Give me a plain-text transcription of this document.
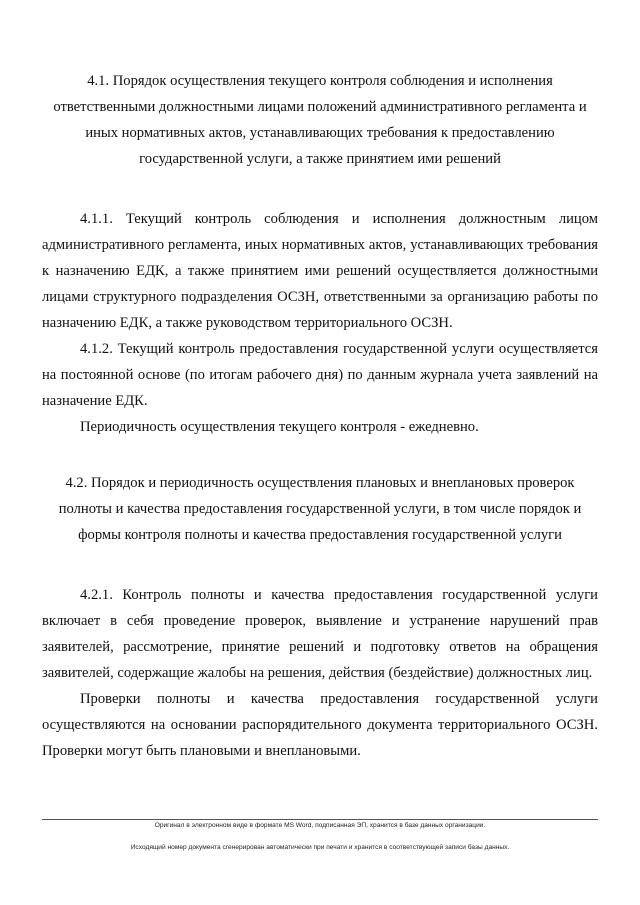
4.1. Порядок осуществления текущего контроля соблюдения и исполнения ответственными должностными лицами положений административного регламента и иных нормативных актов, устанавливающих требования к предоставлению государственной услуги, а также принятием ими решений

4.1.1. Текущий контроль соблюдения и исполнения должностным лицом административного регламента, иных нормативных актов, устанавливающих требования к назначению ЕДК, а также принятием ими решений осуществляется должностными лицами структурного подразделения ОСЗН, ответственными за организацию работы по назначению ЕДК, а также руководством территориального ОСЗН.

4.1.2. Текущий контроль предоставления государственной услуги осуществляется на постоянной основе (по итогам рабочего дня) по данным журнала учета заявлений на назначение ЕДК.

Периодичность осуществления текущего контроля - ежедневно.

4.2. Порядок и периодичность осуществления плановых и внеплановых проверок полноты и качества предоставления государственной услуги, в том числе порядок и формы контроля полноты и качества предоставления государственной услуги

4.2.1. Контроль полноты и качества предоставления государственной услуги включает в себя проведение проверок, выявление и устранение нарушений прав заявителей, рассмотрение, принятие решений и подготовку ответов на обращения заявителей, содержащие жалобы на решения, действия (бездействие) должностных лиц.

Проверки полноты и качества предоставления государственной услуги осуществляются на основании распорядительного документа территориального ОСЗН. Проверки могут быть плановыми и внеплановыми.

Оригинал в электронном виде в формате MS Word, подписанная ЭП, хранится в базе данных организации.
Исходящий номер документа сгенерирован автоматически при печати и хранится в соответствующей записи базы данных.
